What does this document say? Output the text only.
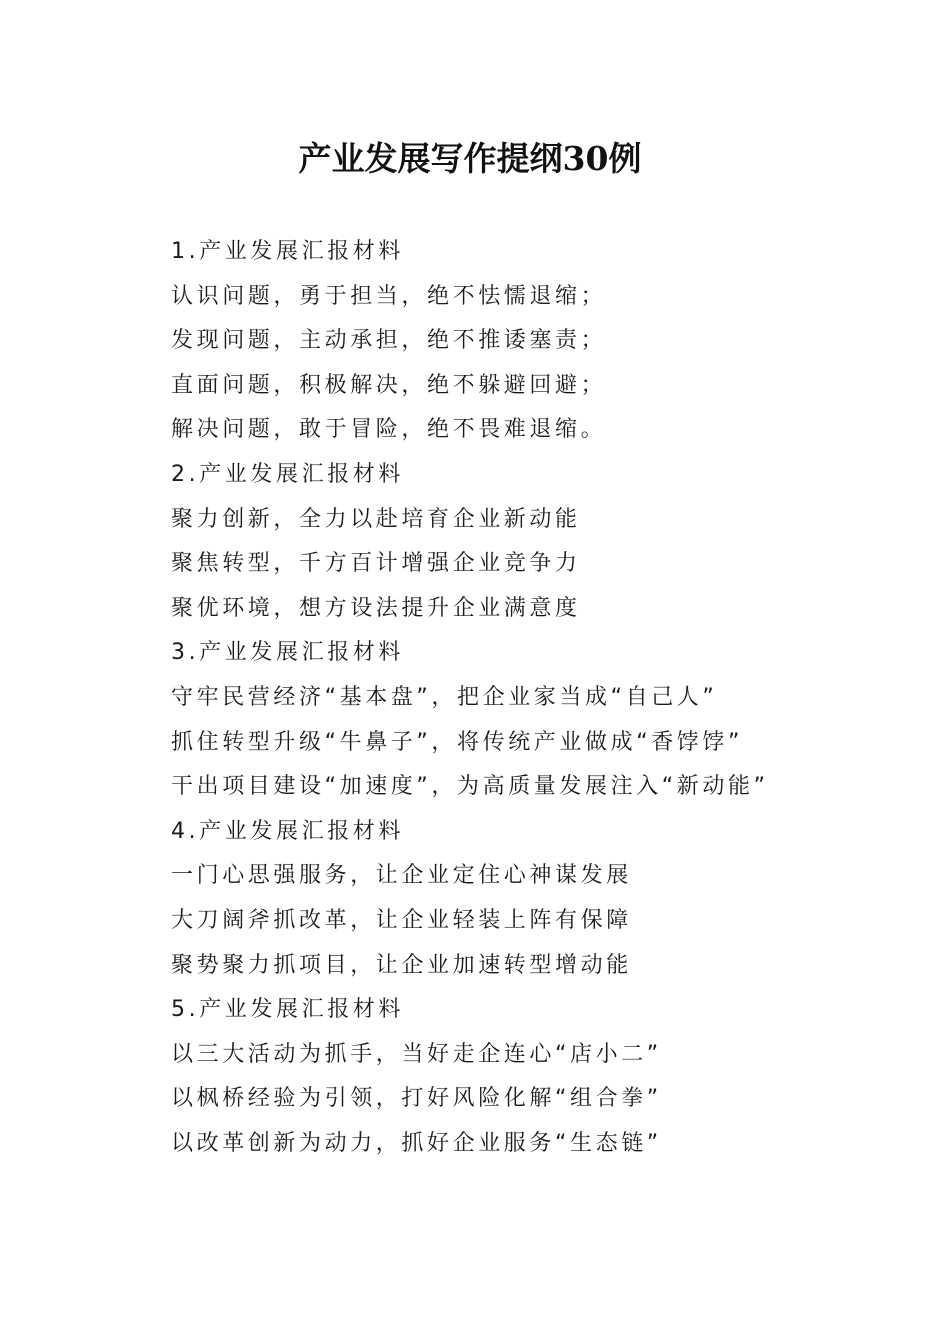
产业发展写作提纲30例
1.产业发展汇报材料
认识问题，勇于担当，绝不怯懦退缩；
发现问题，主动承担，绝不推诿塞责；
直面问题，积极解决，绝不躲避回避；
解决问题，敢于冒险，绝不畏难退缩。
2.产业发展汇报材料
聚力创新，全力以赴培育企业新动能
聚焦转型，千方百计增强企业竞争力
聚优环境，想方设法提升企业满意度
3.产业发展汇报材料
守牢民营经济“基本盘”，把企业家当成“自己人”
抓住转型升级“牛鼻子”，将传统产业做成“香饽饽”
干出项目建设“加速度”，为高质量发展注入“新动能”
4.产业发展汇报材料
一门心思强服务，让企业定住心神谋发展
大刀阔斧抓改革，让企业轻装上阵有保障
聚势聚力抓项目，让企业加速转型增动能
5.产业发展汇报材料
以三大活动为抓手，当好走企连心“店小二”
以枫桥经验为引领，打好风险化解“组合拳”
以改革创新为动力，抓好企业服务“生态链”
